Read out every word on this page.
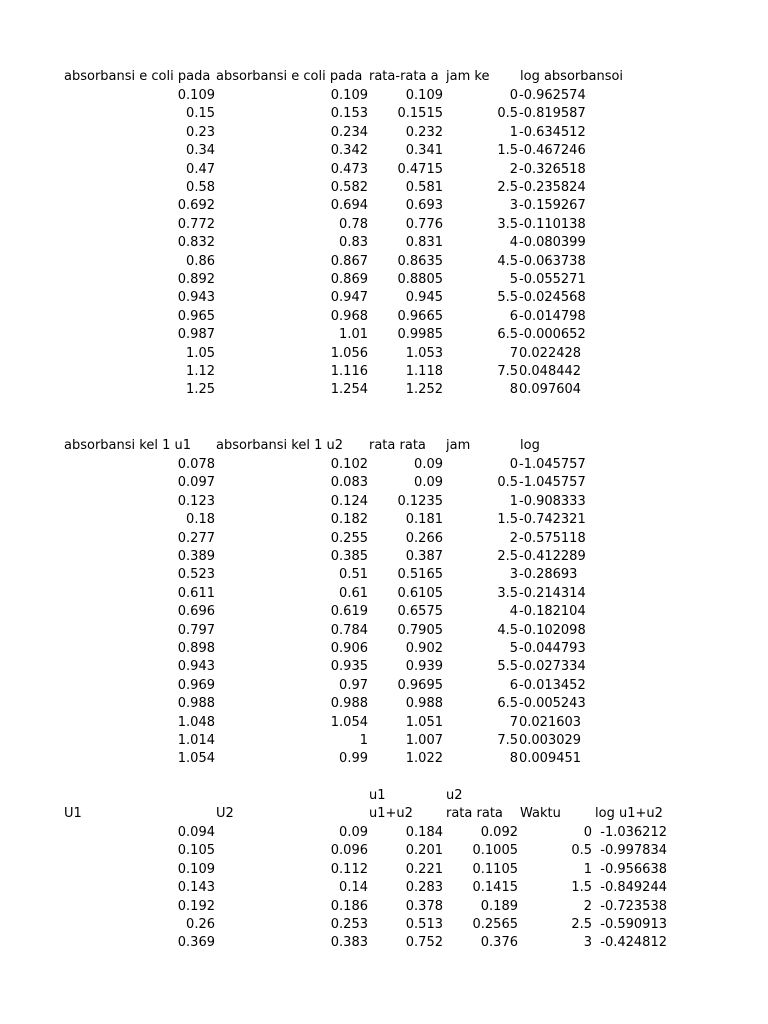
absorbansi e coli pada absorbansi e coli pada rata-rata a jam ke	log absorbansoi
0.109	0.109	0.109	0 -0.962574
0.15	0.153	0.1515	0.5 -0.819587
0.23	0.234	0.232	1 -0.634512
0.34	0.342	0.341	1.5 -0.467246
0.47	0.473	0.4715	2 -0.326518
0.58	0.582	0.581	2.5 -0.235824
0.692	0.694	0.693	3 -0.159267
0.772	0.78	0.776	3.5 -0.110138
0.832	0.83	0.831	4 -0.080399
0.86	0.867	0.8635	4.5 -0.063738
0.892	0.869	0.8805	5 -0.055271
0.943	0.947	0.945	5.5 -0.024568
0.965	0.968	0.9665	6 -0.014798
0.987	1.01	0.9985	6.5 -0.000652
1.05	1.056	1.053	7 0.022428
1.12	1.116	1.118	7.5 0.048442
1.25	1.254	1.252	8 0.097604
absorbansi kel 1 u1	absorbansi kel 1 u2	rata rata	jam	log
0.078	0.102	0.09	0 -1.045757
0.097	0.083	0.09	0.5 -1.045757
0.123	0.124	0.1235	1 -0.908333
0.18	0.182	0.181	1.5 -0.742321
0.277	0.255	0.266	2 -0.575118
0.389	0.385	0.387	2.5 -0.412289
0.523	0.51	0.5165	3 -0.28693
0.611	0.61	0.6105	3.5 -0.214314
0.696	0.619	0.6575	4 -0.182104
0.797	0.784	0.7905	4.5 -0.102098
0.898	0.906	0.902	5 -0.044793
0.943	0.935	0.939	5.5 -0.027334
0.969	0.97	0.9695	6 -0.013452
0.988	0.988	0.988	6.5 -0.005243
1.048	1.054	1.051	7 0.021603
1.014	1	1.007	7.5 0.003029
1.054	0.99	1.022	8 0.009451
u1	u2
U1	U2	u1+u2	rata rata	Waktu	log u1+u2
0.094	0.09	0.184	0.092	0 -1.036212
0.105	0.096	0.201	0.1005	0.5 -0.997834
0.109	0.112	0.221	0.1105	1 -0.956638
0.143	0.14	0.283	0.1415	1.5 -0.849244
0.192	0.186	0.378	0.189	2 -0.723538
0.26	0.253	0.513	0.2565	2.5 -0.590913
0.369	0.383	0.752	0.376	3 -0.424812
